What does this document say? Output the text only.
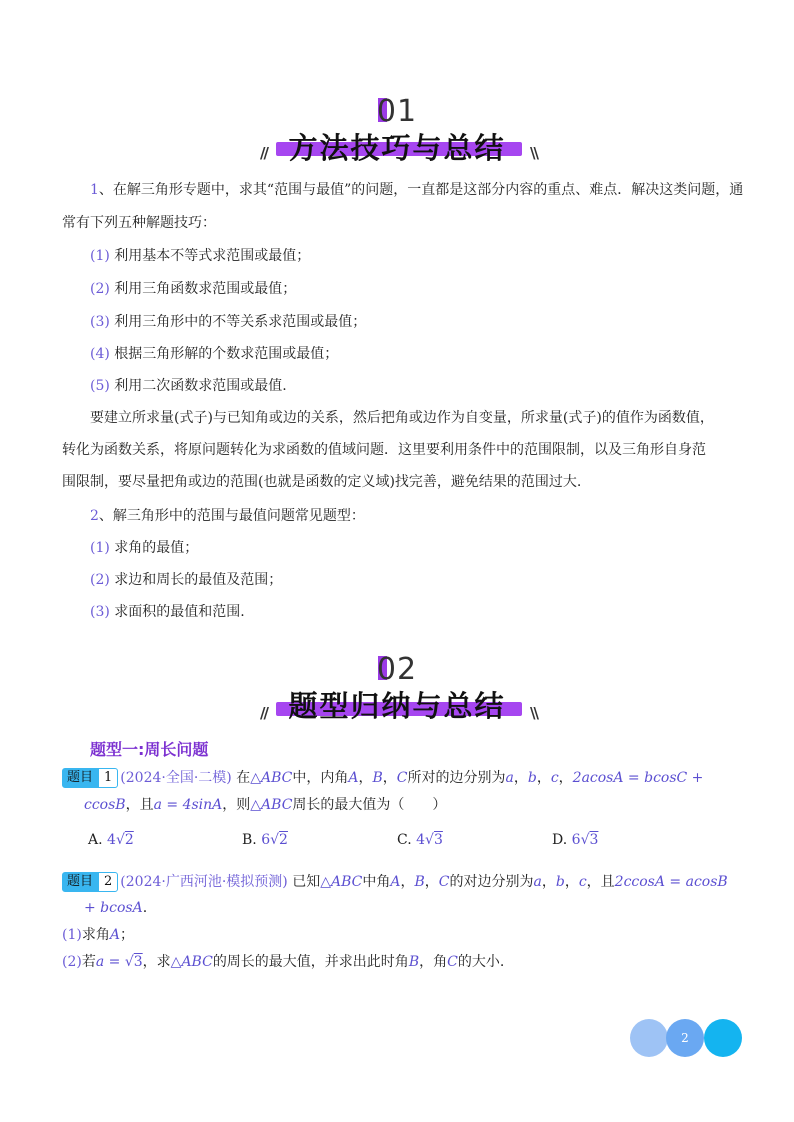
01
//	\\
方法技巧与总结
1、在解三角形专题中，求其“范围与最值”的问题，一直都是这部分内容的重点、难点．解决这类问题，通
常有下列五种解题技巧：
(1) 利用基本不等式求范围或最值；
(2) 利用三角函数求范围或最值；
(3) 利用三角形中的不等关系求范围或最值；
(4) 根据三角形解的个数求范围或最值；
(5) 利用二次函数求范围或最值.
要建立所求量(式子)与已知角或边的关系，然后把角或边作为自变量，所求量(式子)的值作为函数值，
转化为函数关系，将原问题转化为求函数的值域问题．这里要利用条件中的范围限制，以及三角形自身范
围限制，要尽量把角或边的范围(也就是函数的定义域)找完善，避免结果的范围过大.
2、解三角形中的范围与最值问题常见题型：
(1) 求角的最值；
(2) 求边和周长的最值及范围；
(3) 求面积的最值和范围.
02
//	\\
题型归纳与总结
题型一:周长问题
题目 1 (2024·全国·二模) 在△ABC中，内角A，B，C所对的边分别为a，b，c，2acosA = bcosC +
ccosB，且a = 4sinA，则△ABC周长的最大值为（　　）
A. 4√2	B. 6√2	C. 4√3	D. 6√3
题目 2 (2024·广西河池·模拟预测) 已知△ABC中角A，B，C的对边分别为a，b，c，且2ccosA = acosB
+ bcosA.
(1)求角A；
(2)若a = √3，求△ABC的周长的最大值，并求出此时角B，角C的大小.
2
